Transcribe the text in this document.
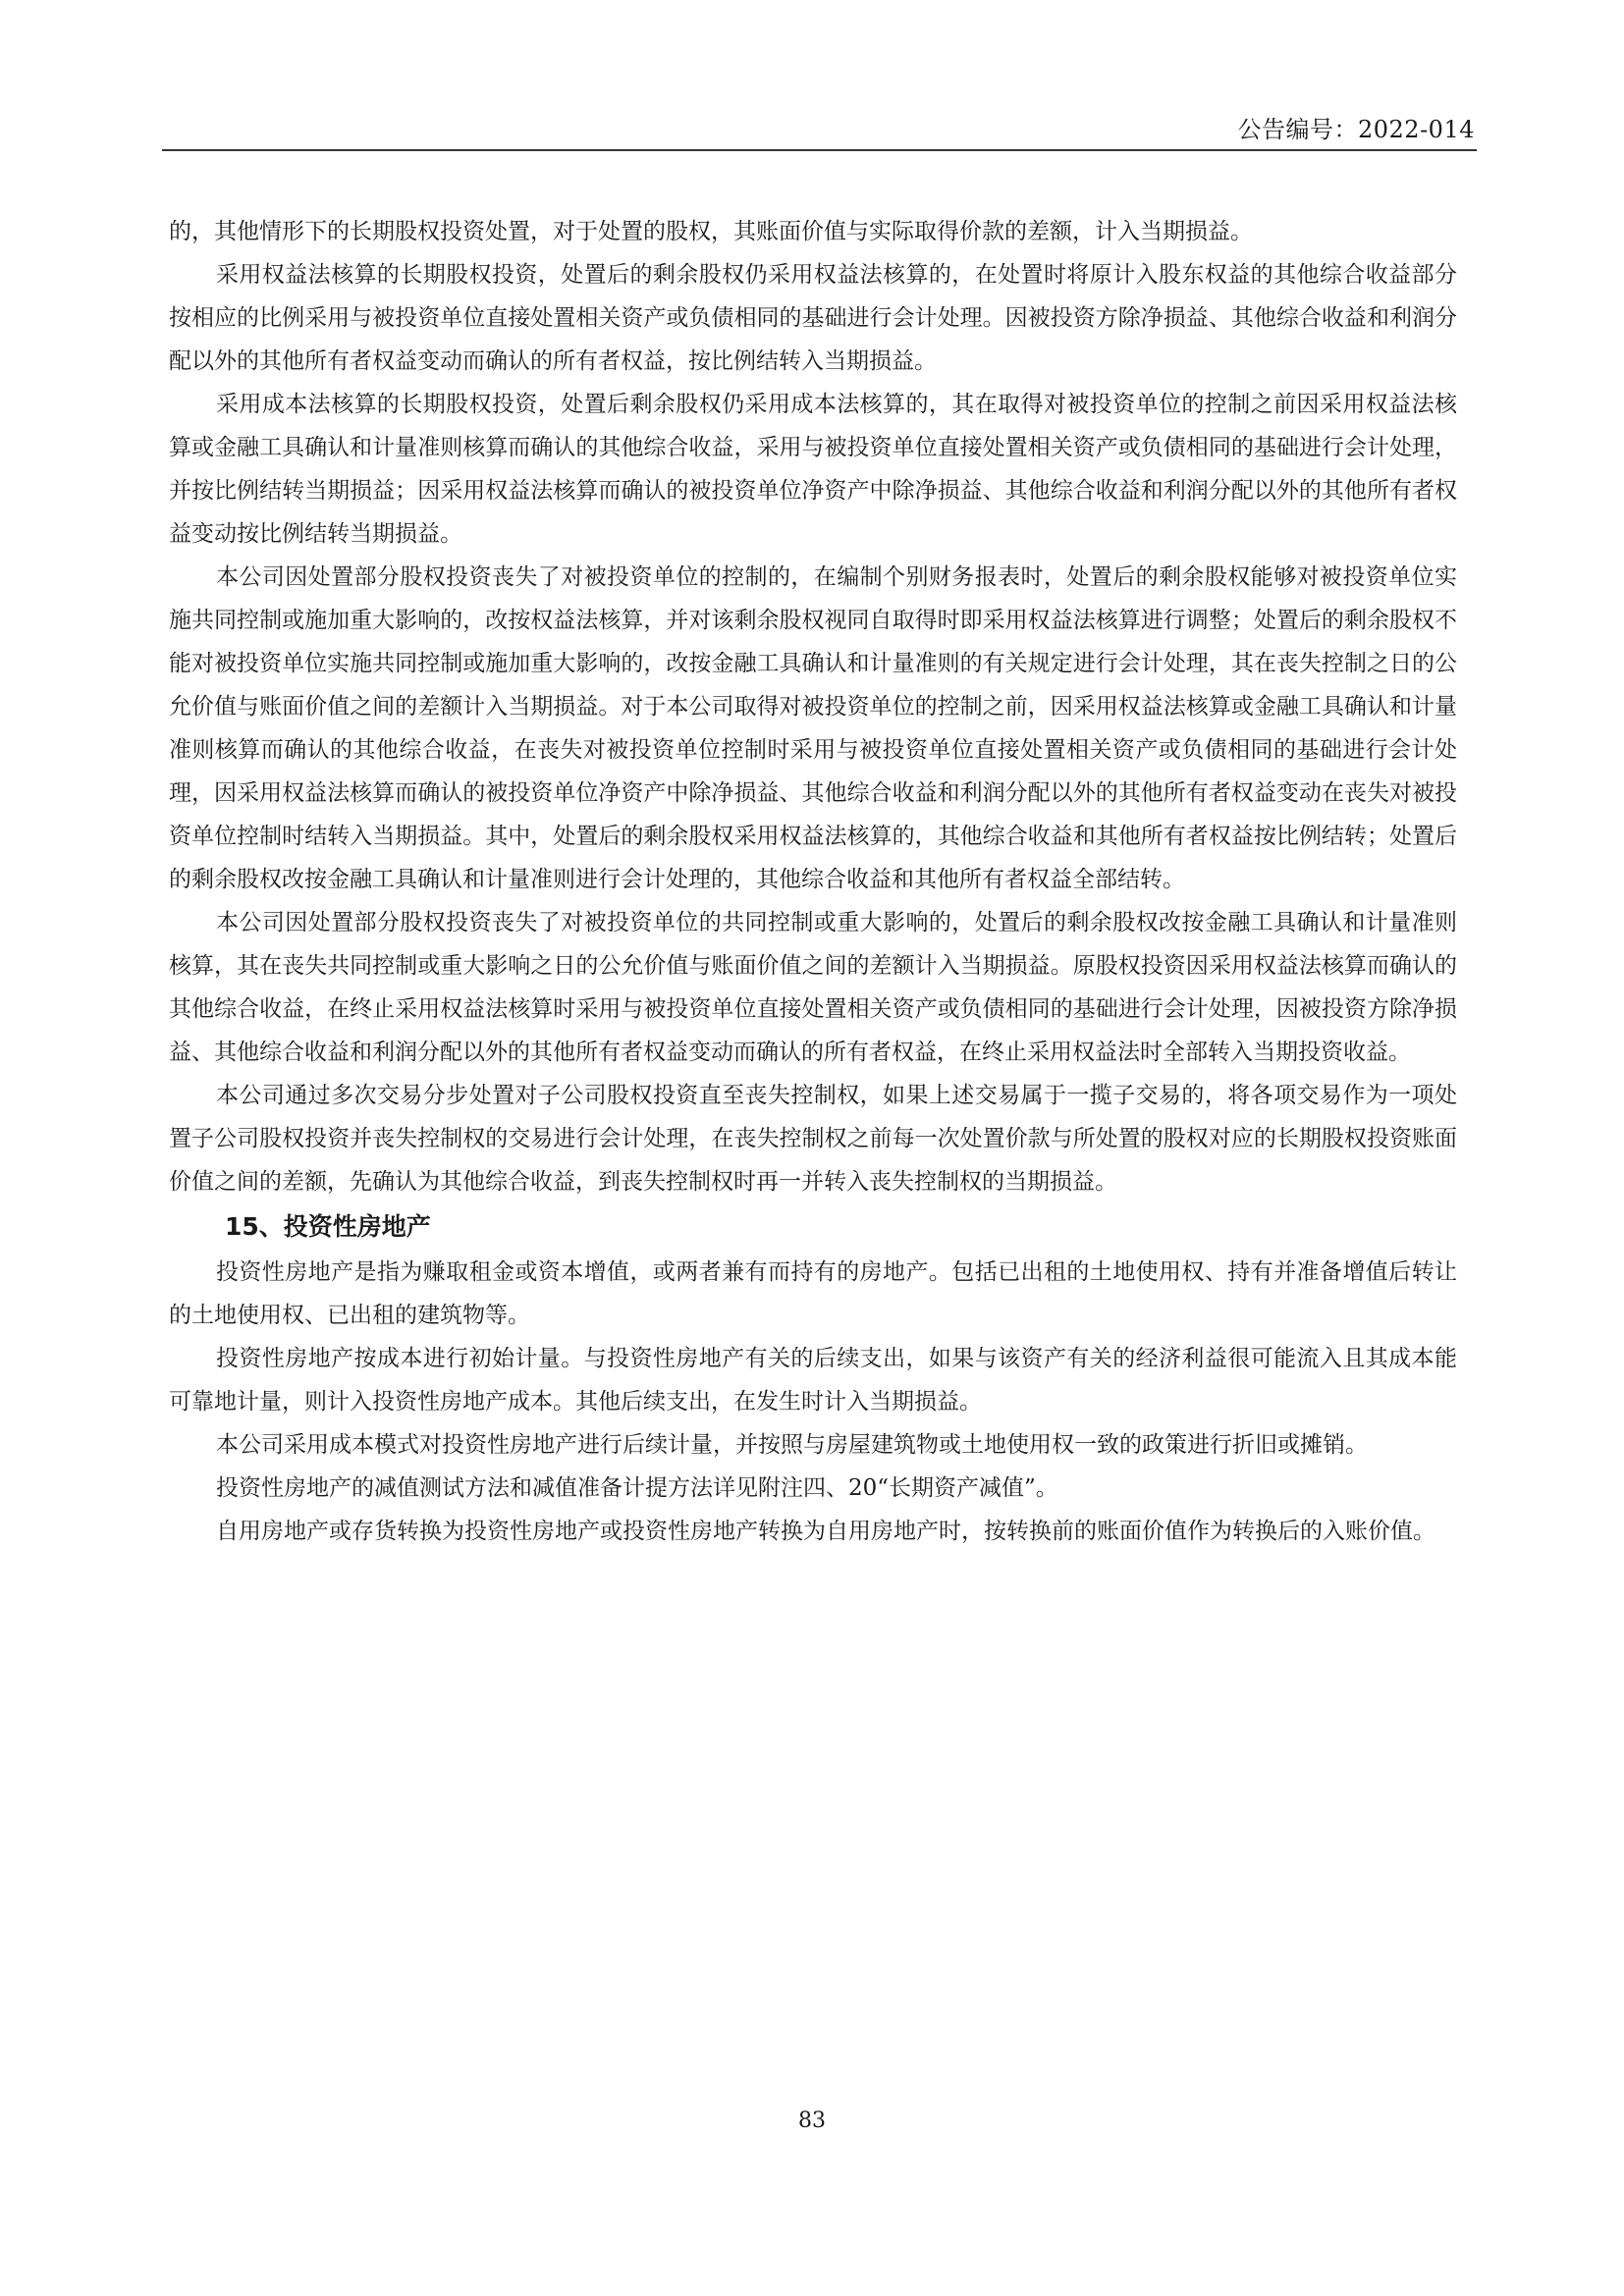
公告编号：2022-014

的，其他情形下的长期股权投资处置，对于处置的股权，其账面价值与实际取得价款的差额，计入当期损益。

采用权益法核算的长期股权投资，处置后的剩余股权仍采用权益法核算的，在处置时将原计入股东权益的其他综合收益部分按相应的比例采用与被投资单位直接处置相关资产或负债相同的基础进行会计处理。因被投资方除净损益、其他综合收益和利润分配以外的其他所有者权益变动而确认的所有者权益，按比例结转入当期损益。

采用成本法核算的长期股权投资，处置后剩余股权仍采用成本法核算的，其在取得对被投资单位的控制之前因采用权益法核算或金融工具确认和计量准则核算而确认的其他综合收益，采用与被投资单位直接处置相关资产或负债相同的基础进行会计处理，并按比例结转当期损益；因采用权益法核算而确认的被投资单位净资产中除净损益、其他综合收益和利润分配以外的其他所有者权益变动按比例结转当期损益。

本公司因处置部分股权投资丧失了对被投资单位的控制的，在编制个别财务报表时，处置后的剩余股权能够对被投资单位实施共同控制或施加重大影响的，改按权益法核算，并对该剩余股权视同自取得时即采用权益法核算进行调整；处置后的剩余股权不能对被投资单位实施共同控制或施加重大影响的，改按金融工具确认和计量准则的有关规定进行会计处理，其在丧失控制之日的公允价值与账面价值之间的差额计入当期损益。对于本公司取得对被投资单位的控制之前，因采用权益法核算或金融工具确认和计量准则核算而确认的其他综合收益，在丧失对被投资单位控制时采用与被投资单位直接处置相关资产或负债相同的基础进行会计处理，因采用权益法核算而确认的被投资单位净资产中除净损益、其他综合收益和利润分配以外的其他所有者权益变动在丧失对被投资单位控制时结转入当期损益。其中，处置后的剩余股权采用权益法核算的，其他综合收益和其他所有者权益按比例结转；处置后的剩余股权改按金融工具确认和计量准则进行会计处理的，其他综合收益和其他所有者权益全部结转。

本公司因处置部分股权投资丧失了对被投资单位的共同控制或重大影响的，处置后的剩余股权改按金融工具确认和计量准则核算，其在丧失共同控制或重大影响之日的公允价值与账面价值之间的差额计入当期损益。原股权投资因采用权益法核算而确认的其他综合收益，在终止采用权益法核算时采用与被投资单位直接处置相关资产或负债相同的基础进行会计处理，因被投资方除净损益、其他综合收益和利润分配以外的其他所有者权益变动而确认的所有者权益，在终止采用权益法时全部转入当期投资收益。

本公司通过多次交易分步处置对子公司股权投资直至丧失控制权，如果上述交易属于一揽子交易的，将各项交易作为一项处置子公司股权投资并丧失控制权的交易进行会计处理，在丧失控制权之前每一次处置价款与所处置的股权对应的长期股权投资账面价值之间的差额，先确认为其他综合收益，到丧失控制权时再一并转入丧失控制权的当期损益。

15、投资性房地产

投资性房地产是指为赚取租金或资本增值，或两者兼有而持有的房地产。包括已出租的土地使用权、持有并准备增值后转让的土地使用权、已出租的建筑物等。

投资性房地产按成本进行初始计量。与投资性房地产有关的后续支出，如果与该资产有关的经济利益很可能流入且其成本能可靠地计量，则计入投资性房地产成本。其他后续支出，在发生时计入当期损益。

本公司采用成本模式对投资性房地产进行后续计量，并按照与房屋建筑物或土地使用权一致的政策进行折旧或摊销。

投资性房地产的减值测试方法和减值准备计提方法详见附注四、20“长期资产减值”。

自用房地产或存货转换为投资性房地产或投资性房地产转换为自用房地产时，按转换前的账面价值作为转换后的入账价值。

83
